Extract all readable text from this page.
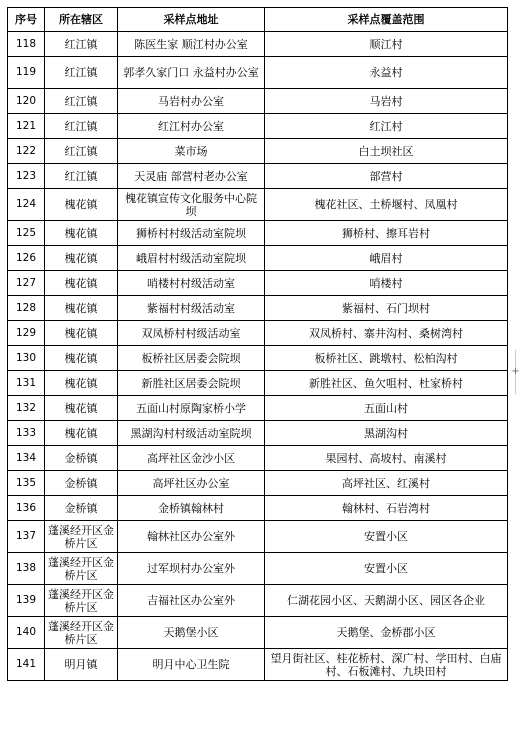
序号	所在辖区	采样点地址	采样点覆盖范围
118	红江镇	陈医生家 顺江村办公室	顺江村
119	红江镇	郭孝久家门口 永益村办公室	永益村
120	红江镇	马岩村办公室	马岩村
121	红江镇	红江村办公室	红江村
122	红江镇	菜市场	白土坝社区
123	红江镇	天灵庙 部营村老办公室	部营村
124	槐花镇	槐花镇宣传文化服务中心院坝	槐花社区、土桥堰村、凤凰村
125	槐花镇	狮桥村村级活动室院坝	狮桥村、擦耳岩村
126	槐花镇	峨眉村村级活动室院坝	峨眉村
127	槐花镇	哨楼村村级活动室	哨楼村
128	槐花镇	紫福村村级活动室	紫福村、石门坝村
129	槐花镇	双凤桥村村级活动室	双凤桥村、寨井沟村、桑树湾村
130	槐花镇	板桥社区居委会院坝	板桥社区、跳墩村、松柏沟村
131	槐花镇	新胜社区居委会院坝	新胜社区、鱼欠咀村、杜家桥村
132	槐花镇	五面山村原陶家桥小学	五面山村
133	槐花镇	黑湖沟村村级活动室院坝	黑湖沟村
134	金桥镇	高坪社区金沙小区	果园村、高坡村、南溪村
135	金桥镇	高坪社区办公室	高坪社区、红溪村
136	金桥镇	金桥镇翰林村	翰林村、石岩湾村
137	蓬溪经开区金桥片区	翰林社区办公室外	安置小区
138	蓬溪经开区金桥片区	过军坝村办公室外	安置小区
139	蓬溪经开区金桥片区	吉福社区办公室外	仁湖花园小区、天鹅湖小区、园区各企业
140	蓬溪经开区金桥片区	天鹅堡小区	天鹅堡、金桥郡小区
141	明月镇	明月中心卫生院	望月街社区、桂花桥村、深广村、学田村、白庙村、石板滩村、九块田村
+
